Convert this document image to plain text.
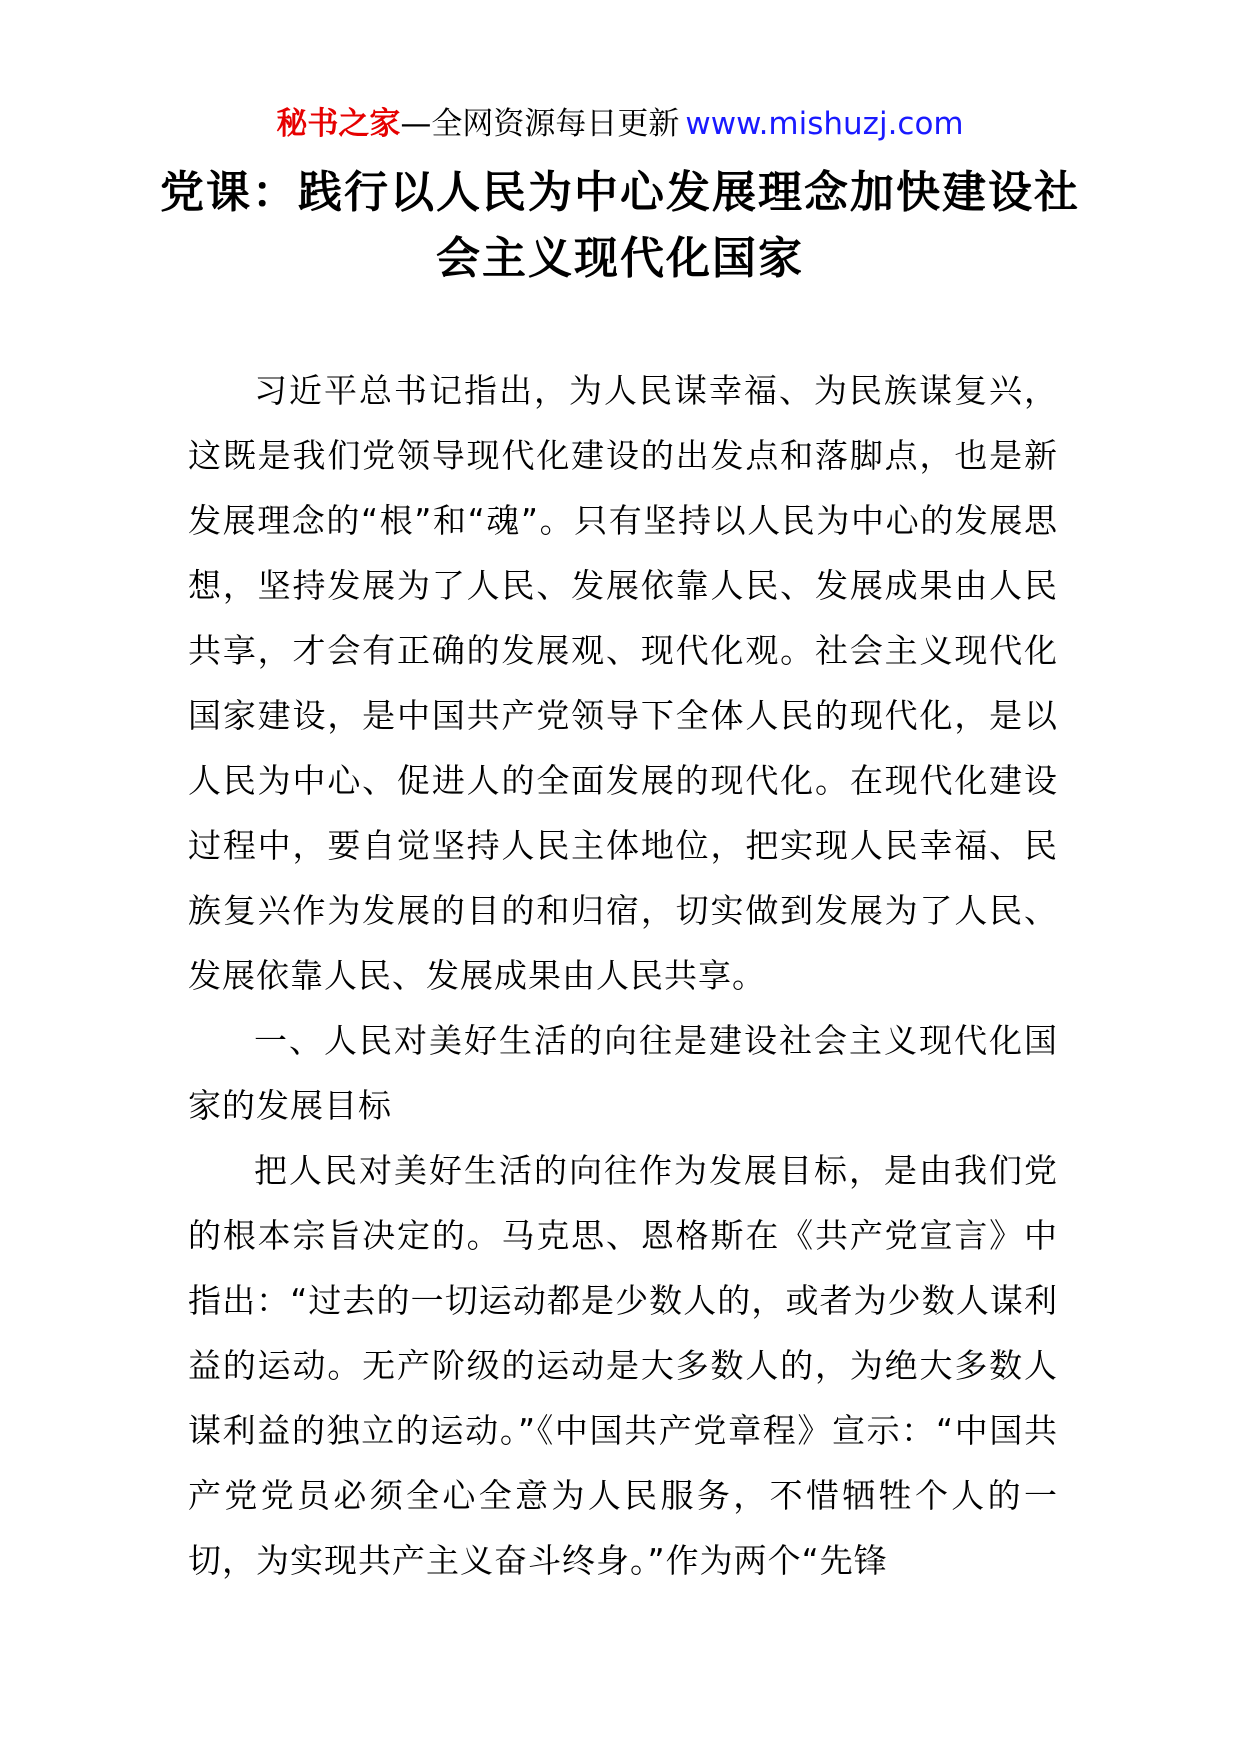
秘书之家—全网资源每日更新 www.mishuzj.com
党课：践行以人民为中心发展理念加快建设社会主义现代化国家

习近平总书记指出，为人民谋幸福、为民族谋复兴，这既是我们党领导现代化建设的出发点和落脚点，也是新发展理念的“根”和“魂”。只有坚持以人民为中心的发展思想，坚持发展为了人民、发展依靠人民、发展成果由人民共享，才会有正确的发展观、现代化观。社会主义现代化国家建设，是中国共产党领导下全体人民的现代化，是以人民为中心、促进人的全面发展的现代化。在现代化建设过程中，要自觉坚持人民主体地位，把实现人民幸福、民族复兴作为发展的目的和归宿，切实做到发展为了人民、发展依靠人民、发展成果由人民共享。

一、人民对美好生活的向往是建设社会主义现代化国家的发展目标

把人民对美好生活的向往作为发展目标，是由我们党的根本宗旨决定的。马克思、恩格斯在《共产党宣言》中指出：“过去的一切运动都是少数人的，或者为少数人谋利益的运动。无产阶级的运动是大多数人的，为绝大多数人谋利益的独立的运动。”《中国共产党章程》宣示：“中国共产党党员必须全心全意为人民服务，不惜牺牲个人的一切，为实现共产主义奋斗终身。”作为两个“先锋
